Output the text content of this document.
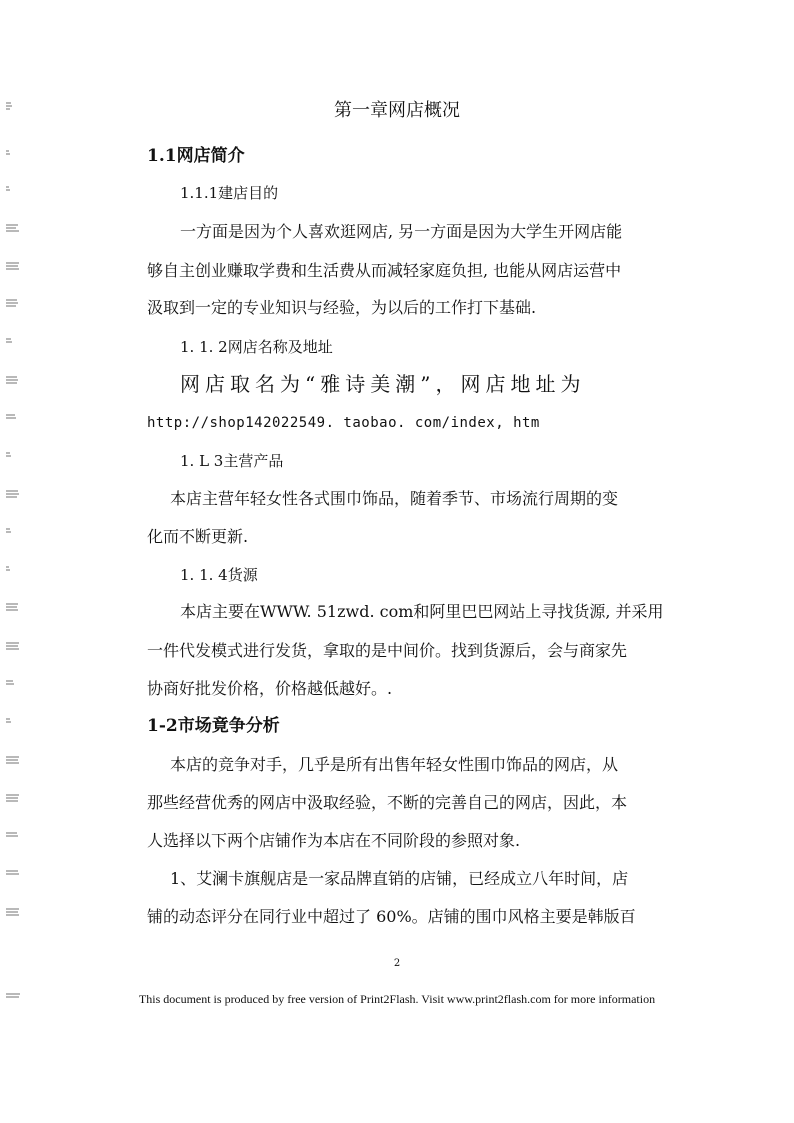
第一章网店概况
1.1网店简介
1.1.1建店目的
一方面是因为个人喜欢逛网店, 另一方面是因为大学生开网店能
够自主创业赚取学费和生活费从而减轻家庭负担, 也能从网店运营中
汲取到一定的专业知识与经验，为以后的工作打下基础.
1. 1. 2网店名称及地址
网店取名为“雅诗美潮”，网店地址为
http://shop142022549. taobao. com/index, htm
1. L 3主营产品
本店主营年轻女性各式围巾饰品，随着季节、市场流行周期的变
化而不断更新.
1. 1. 4货源
本店主要在WWW. 51zwd. com和阿里巴巴网站上寻找货源, 并采用
一件代发模式进行发货，拿取的是中间价。找到货源后，会与商家先
协商好批发价格，价格越低越好。.
1-2市场竟争分析
本店的竞争对手，几乎是所有出售年轻女性围巾饰品的网店，从
那些经营优秀的网店中汲取经验，不断的完善自己的网店，因此，本
人选择以下两个店铺作为本店在不同阶段的参照对象.
1、艾澜卡旗舰店是一家品牌直销的店铺，已经成立八年时间，店
铺的动态评分在同行业中超过了 60%。店铺的围巾风格主要是韩版百
2
This document is produced by free version of Print2Flash. Visit www.print2flash.com for more information
